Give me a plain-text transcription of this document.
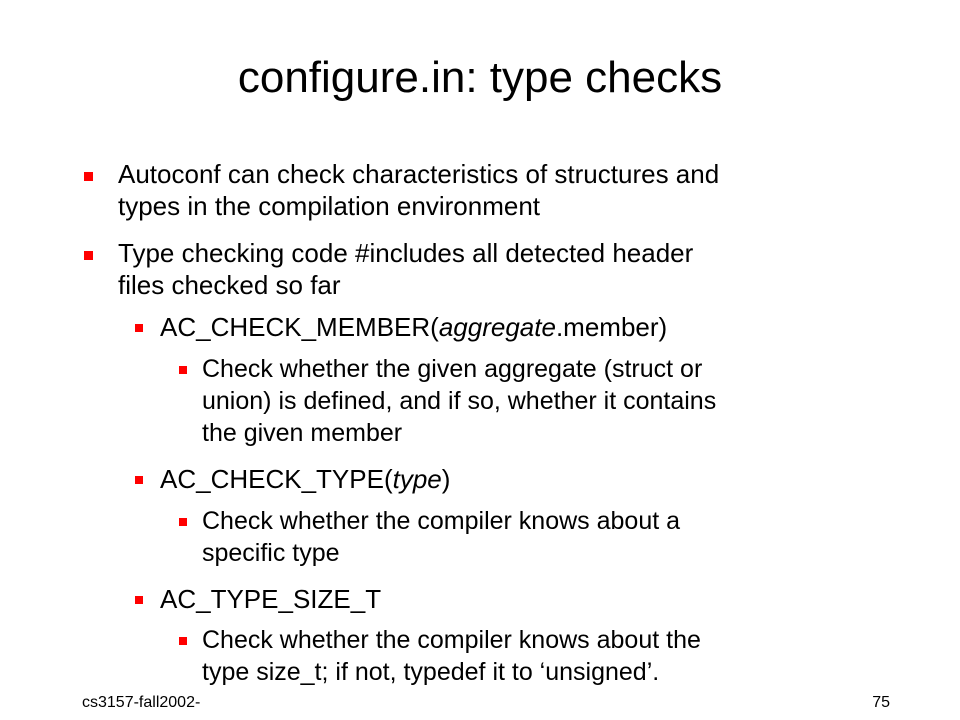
configure.in: type checks
Autoconf can check characteristics of structures and
types in the compilation environment
Type checking code #includes all detected header
files checked so far
AC_CHECK_MEMBER(aggregate.member)
Check whether the given aggregate (struct or
union) is defined, and if so, whether it contains
the given member
AC_CHECK_TYPE(type)
Check whether the compiler knows about a
specific type
AC_TYPE_SIZE_T
Check whether the compiler knows about the
type size_t; if not, typedef it to ‘unsigned’.
cs3157-fall2002-	75
